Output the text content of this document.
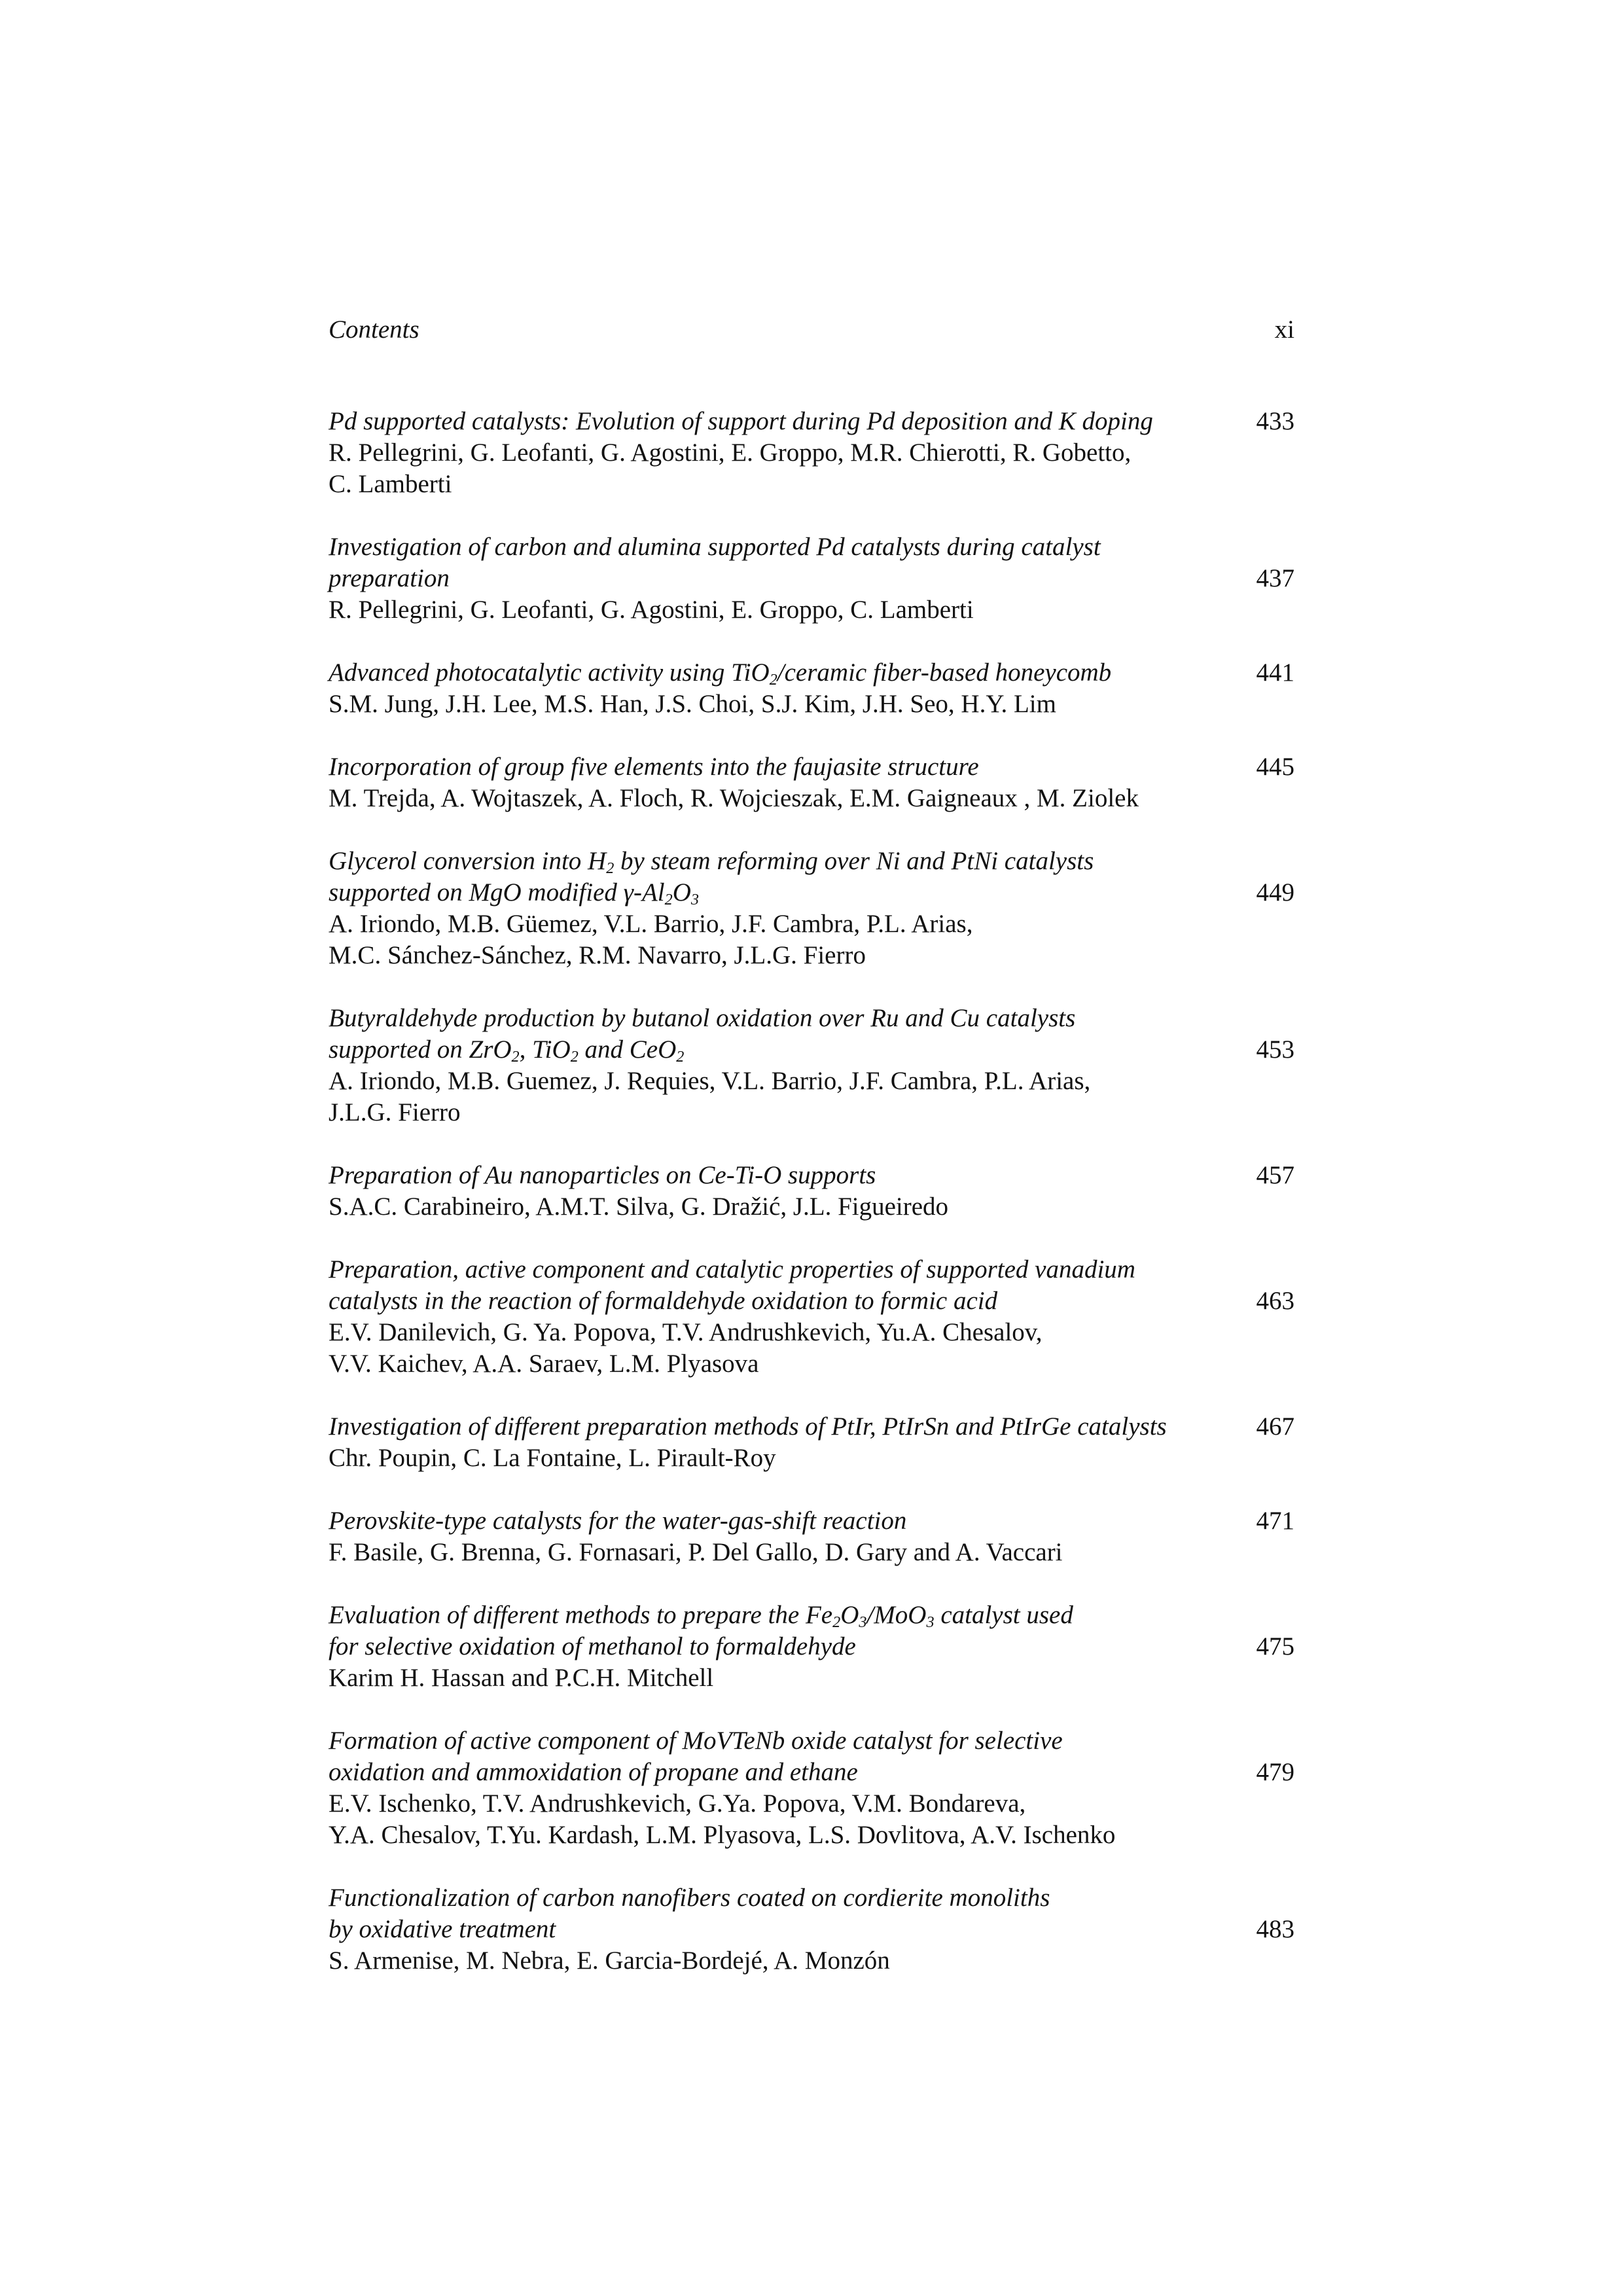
Contents	xi
Pd supported catalysts: Evolution of support during Pd deposition and K doping	433
R. Pellegrini, G. Leofanti, G. Agostini, E. Groppo, M.R. Chierotti, R. Gobetto,
C. Lamberti
Investigation of carbon and alumina supported Pd catalysts during catalyst
preparation	437
R. Pellegrini, G. Leofanti, G. Agostini, E. Groppo, C. Lamberti
Advanced photocatalytic activity using TiO$_2$/ceramic fiber-based honeycomb	441
S.M. Jung, J.H. Lee, M.S. Han, J.S. Choi, S.J. Kim, J.H. Seo, H.Y. Lim
Incorporation of group five elements into the faujasite structure	445
M. Trejda, A. Wojtaszek, A. Floch, R. Wojcieszak, E.M. Gaigneaux , M. Ziolek
Glycerol conversion into $H_2$ by steam reforming over Ni and PtNi catalysts
supported on MgO modified $\gamma-Al_2O_3$	449
A. Iriondo, M.B. Güemez, V.L. Barrio, J.F. Cambra, P.L. Arias,
M.C. Sánchez-Sánchez, R.M. Navarro, J.L.G. Fierro
Butyraldehyde production by butanol oxidation over Ru and Cu catalysts
supported on ZrO$_2$, TiO$_2$ and CeO$_2$	453
A. Iriondo, M.B. Guemez, J. Requies, V.L. Barrio, J.F. Cambra, P.L. Arias,
J.L.G. Fierro
Preparation of Au nanoparticles on Ce-Ti-O supports	457
S.A.C. Carabineiro, A.M.T. Silva, G. Dražić, J.L. Figueiredo
Preparation, active component and catalytic properties of supported vanadium
catalysts in the reaction of formaldehyde oxidation to formic acid	463
E.V. Danilevich, G. Ya. Popova, T.V. Andrushkevich, Yu.A. Chesalov,
V.V. Kaichev, A.A. Saraev, L.M. Plyasova
Investigation of different preparation methods of PtIr, PtIrSn and PtIrGe catalysts	467
Chr. Poupin, C. La Fontaine, L. Pirault-Roy
Perovskite-type catalysts for the water-gas-shift reaction	471
F. Basile, G. Brenna, G. Fornasari, P. Del Gallo, D. Gary and A. Vaccari
Evaluation of different methods to prepare the $Fe_2O_3/MoO_3$ catalyst used
for selective oxidation of methanol to formaldehyde	475
Karim H. Hassan and P.C.H. Mitchell
Formation of active component of MoVTeNb oxide catalyst for selective
oxidation and ammoxidation of propane and ethane	479
E.V. Ischenko, T.V. Andrushkevich, G.Ya. Popova, V.M. Bondareva,
Y.A. Chesalov, T.Yu. Kardash, L.M. Plyasova, L.S. Dovlitova, A.V. Ischenko
Functionalization of carbon nanofibers coated on cordierite monoliths
by oxidative treatment	483
S. Armenise, M. Nebra, E. Garcia-Bordejé, A. Monzón
